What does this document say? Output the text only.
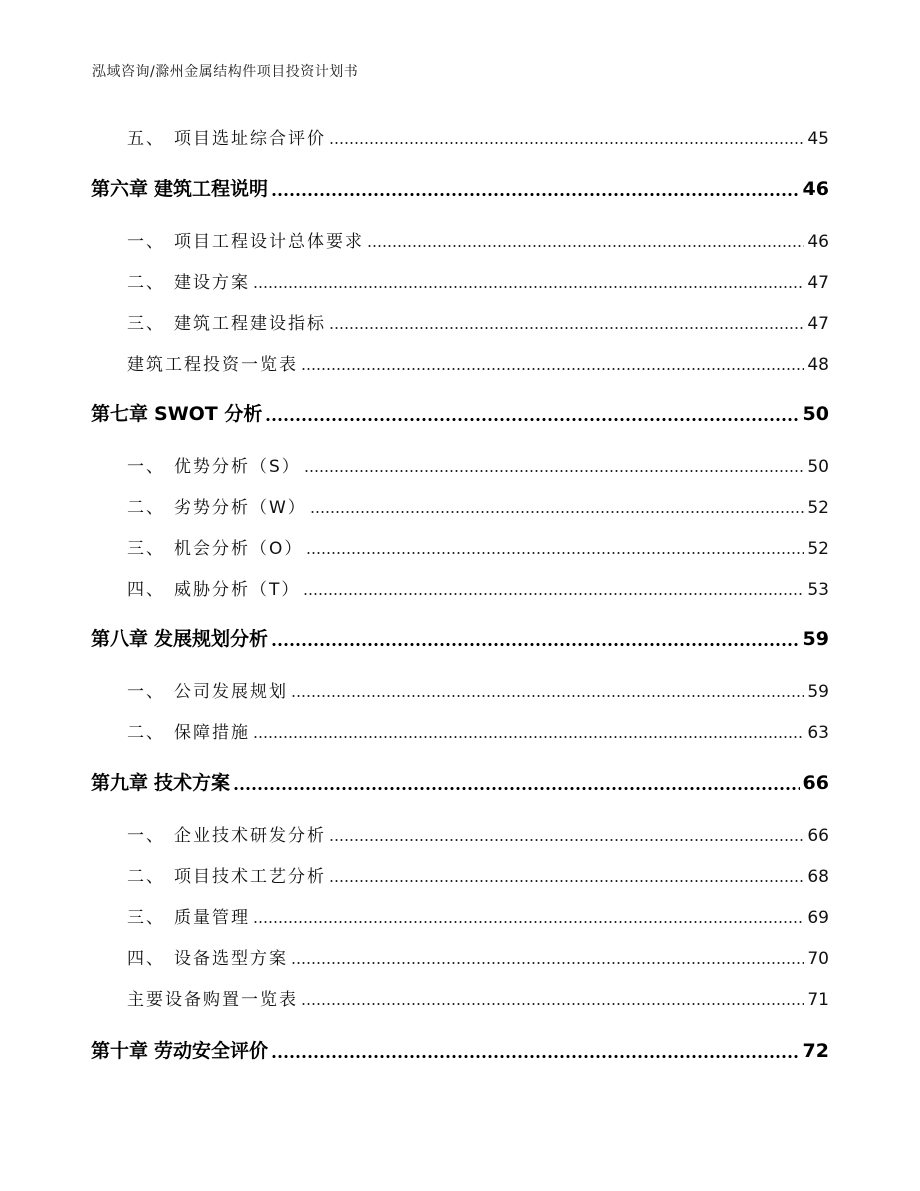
泓域咨询/滁州金属结构件项目投资计划书
五、 项目选址综合评价	45
第六章 建筑工程说明	46
一、 项目工程设计总体要求	46
二、 建设方案	47
三、 建筑工程建设指标	47
建筑工程投资一览表	48
第七章 SWOT 分析	50
一、 优势分析（S）	50
二、 劣势分析（W）	52
三、 机会分析（O）	52
四、 威胁分析（T）	53
第八章 发展规划分析	59
一、 公司发展规划	59
二、 保障措施	63
第九章 技术方案	66
一、 企业技术研发分析	66
二、 项目技术工艺分析	68
三、 质量管理	69
四、 设备选型方案	70
主要设备购置一览表	71
第十章 劳动安全评价	72
